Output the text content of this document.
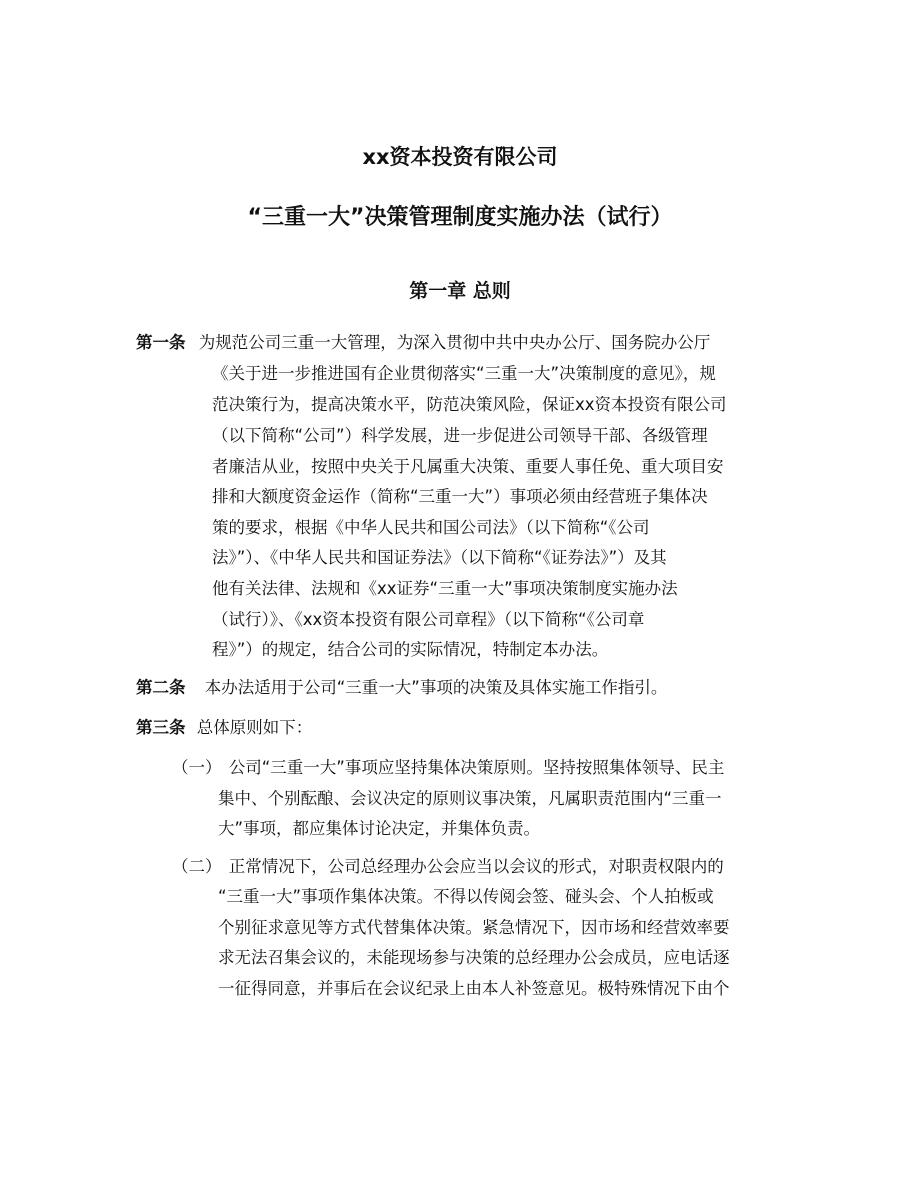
xx资本投资有限公司
“三重一大”决策管理制度实施办法（试行）
第一章 总则
第一条 为规范公司三重一大管理，为深入贯彻中共中央办公厅、国务院办公厅
《关于进一步推进国有企业贯彻落实“三重一大”决策制度的意见》，规
范决策行为，提高决策水平，防范决策风险，保证xx资本投资有限公司
（以下简称“公司”）科学发展，进一步促进公司领导干部、各级管理
者廉洁从业，按照中央关于凡属重大决策、重要人事任免、重大项目安
排和大额度资金运作（简称“三重一大”）事项必须由经营班子集体决
策的要求，根据《中华人民共和国公司法》（以下简称“《公司
法》”）、《中华人民共和国证券法》（以下简称“《证券法》”）及其
他有关法律、法规和《xx证券“三重一大”事项决策制度实施办法
（试行）》、《xx资本投资有限公司章程》（以下简称“《公司章
程》”）的规定，结合公司的实际情况，特制定本办法。
第二条 本办法适用于公司“三重一大”事项的决策及具体实施工作指引。
第三条 总体原则如下：
（一） 公司“三重一大”事项应坚持集体决策原则。坚持按照集体领导、民主
集中、个别酝酿、会议决定的原则议事决策，凡属职责范围内“三重一
大”事项，都应集体讨论决定，并集体负责。
（二） 正常情况下，公司总经理办公会应当以会议的形式，对职责权限内的
“三重一大”事项作集体决策。不得以传阅会签、碰头会、个人拍板或
个别征求意见等方式代替集体决策。紧急情况下，因市场和经营效率要
求无法召集会议的，未能现场参与决策的总经理办公会成员，应电话逐
一征得同意，并事后在会议纪录上由本人补签意见。极特殊情况下由个
